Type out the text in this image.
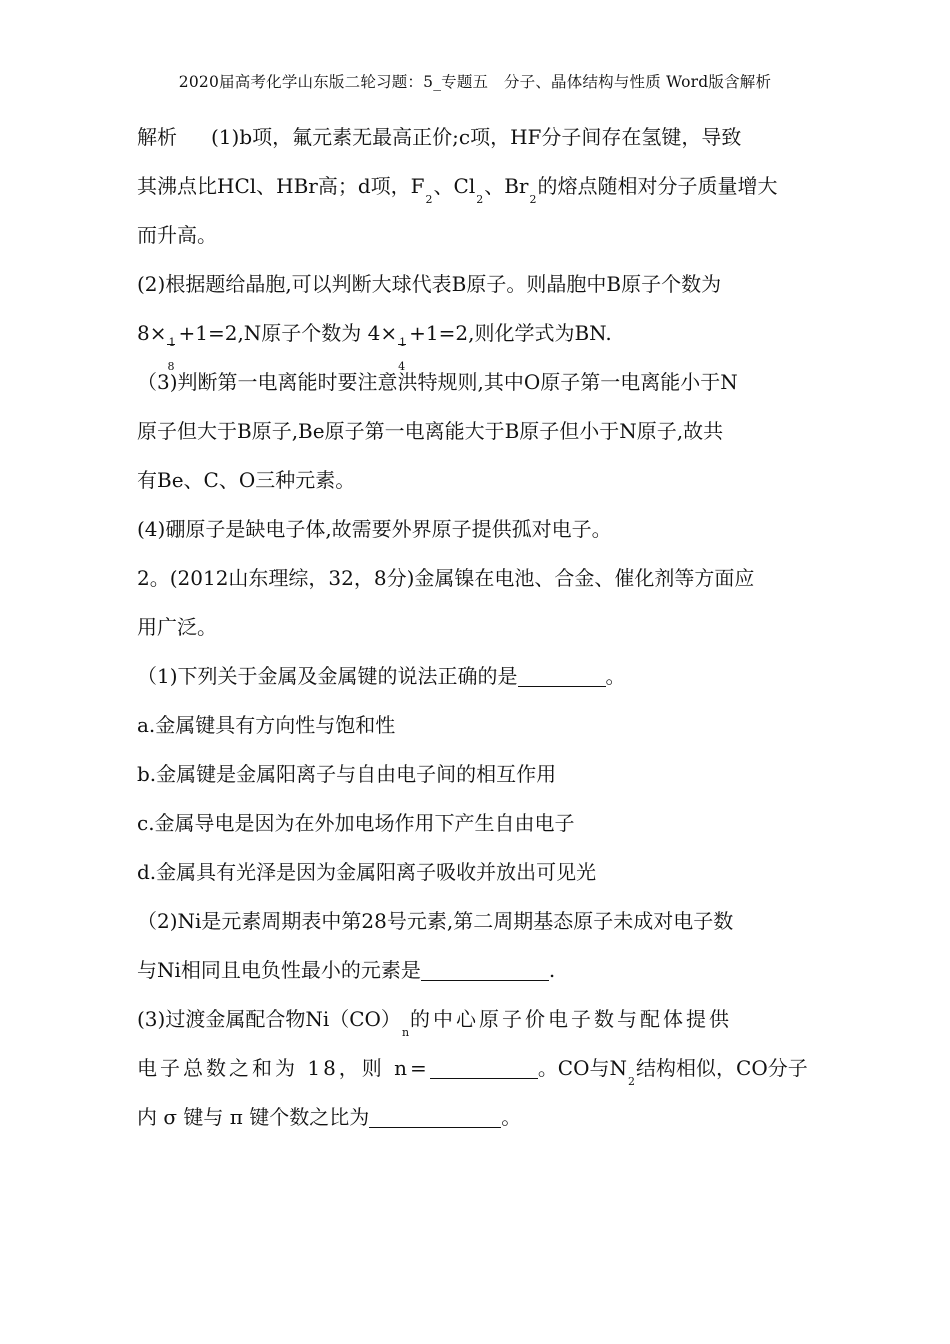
2020届高考化学山东版二轮习题：5_专题五　分子、晶体结构与性质 Word版含解析
解析 (1)b项，氟元素无最高正价;c项，HF分子间存在氢键，导致
其沸点比HCl、HBr高；d项，$F_2$、$Cl_2$、$Br_2$的熔点随相对分子质量增大
而升高。
(2)根据题给晶胞,可以判断大球代表B原子。则晶胞中B原子个数为
8×
$\frac{1}{8}$
+1=2,N原子个数为 4×
$\frac{1}{4}$
+1=2,则化学式为BN.
（3)判断第一电离能时要注意洪特规则,其中O原子第一电离能小于N
原子但大于B原子,Be原子第一电离能大于B原子但小于N原子,故共
有Be、C、O三种元素。
(4)硼原子是缺电子体,故需要外界原子提供孤对电子。
2。(2012山东理综，32，8分)金属镍在电池、合金、催化剂等方面应
用广泛。
（1)下列关于金属及金属键的说法正确的是	。
a.金属键具有方向性与饱和性
b.金属键是金属阳离子与自由电子间的相互作用
c.金属导电是因为在外加电场作用下产生自由电子
d.金属具有光泽是因为金属阳离子吸收并放出可见光
（2)Ni是元素周期表中第28号元素,第二周期基态原子未成对电子数
与Ni相同且电负性最小的元素是	.
(3)过渡金属配合物$Ni(CO)_n$的中心原子价电子数与配体提供
电子总数之和为 18，则 n=	。CO与$N_2$结构相似，CO分子
内 σ 键与 π 键个数之比为	。
